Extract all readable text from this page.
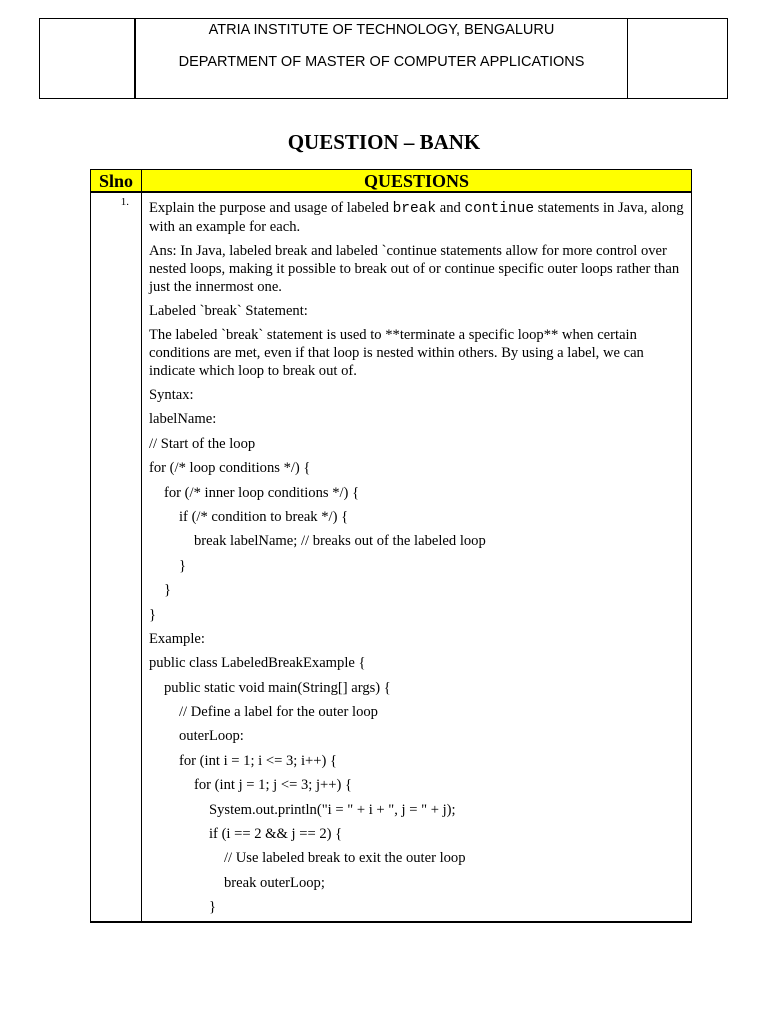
ATRIA INSTITUTE OF TECHNOLOGY, BENGALURU

DEPARTMENT OF MASTER OF COMPUTER APPLICATIONS

QUESTION – BANK
Slno	QUESTIONS
1.	Explain the purpose and usage of labeled break and continue statements in Java, along with an example for each.

Ans: In Java, labeled break and labeled `continue statements allow for more control over nested loops, making it possible to break out of or continue specific outer loops rather than just the innermost one.

Labeled `break` Statement:

The labeled `break` statement is used to **terminate a specific loop** when certain conditions are met, even if that loop is nested within others. By using a label, we can indicate which loop to break out of.

Syntax:

labelName:

// Start of the loop

for (/* loop conditions */) {

for (/* inner loop conditions */) {

if (/* condition to break */) {

break labelName; // breaks out of the labeled loop

}

}

}

Example:

public class LabeledBreakExample {

public static void main(String[] args) {

// Define a label for the outer loop

outerLoop:

for (int i = 1; i <= 3; i++) {

for (int j = 1; j <= 3; j++) {

System.out.println("i = " + i + ", j = " + j);

if (i == 2 && j == 2) {

// Use labeled break to exit the outer loop

break outerLoop;

}
